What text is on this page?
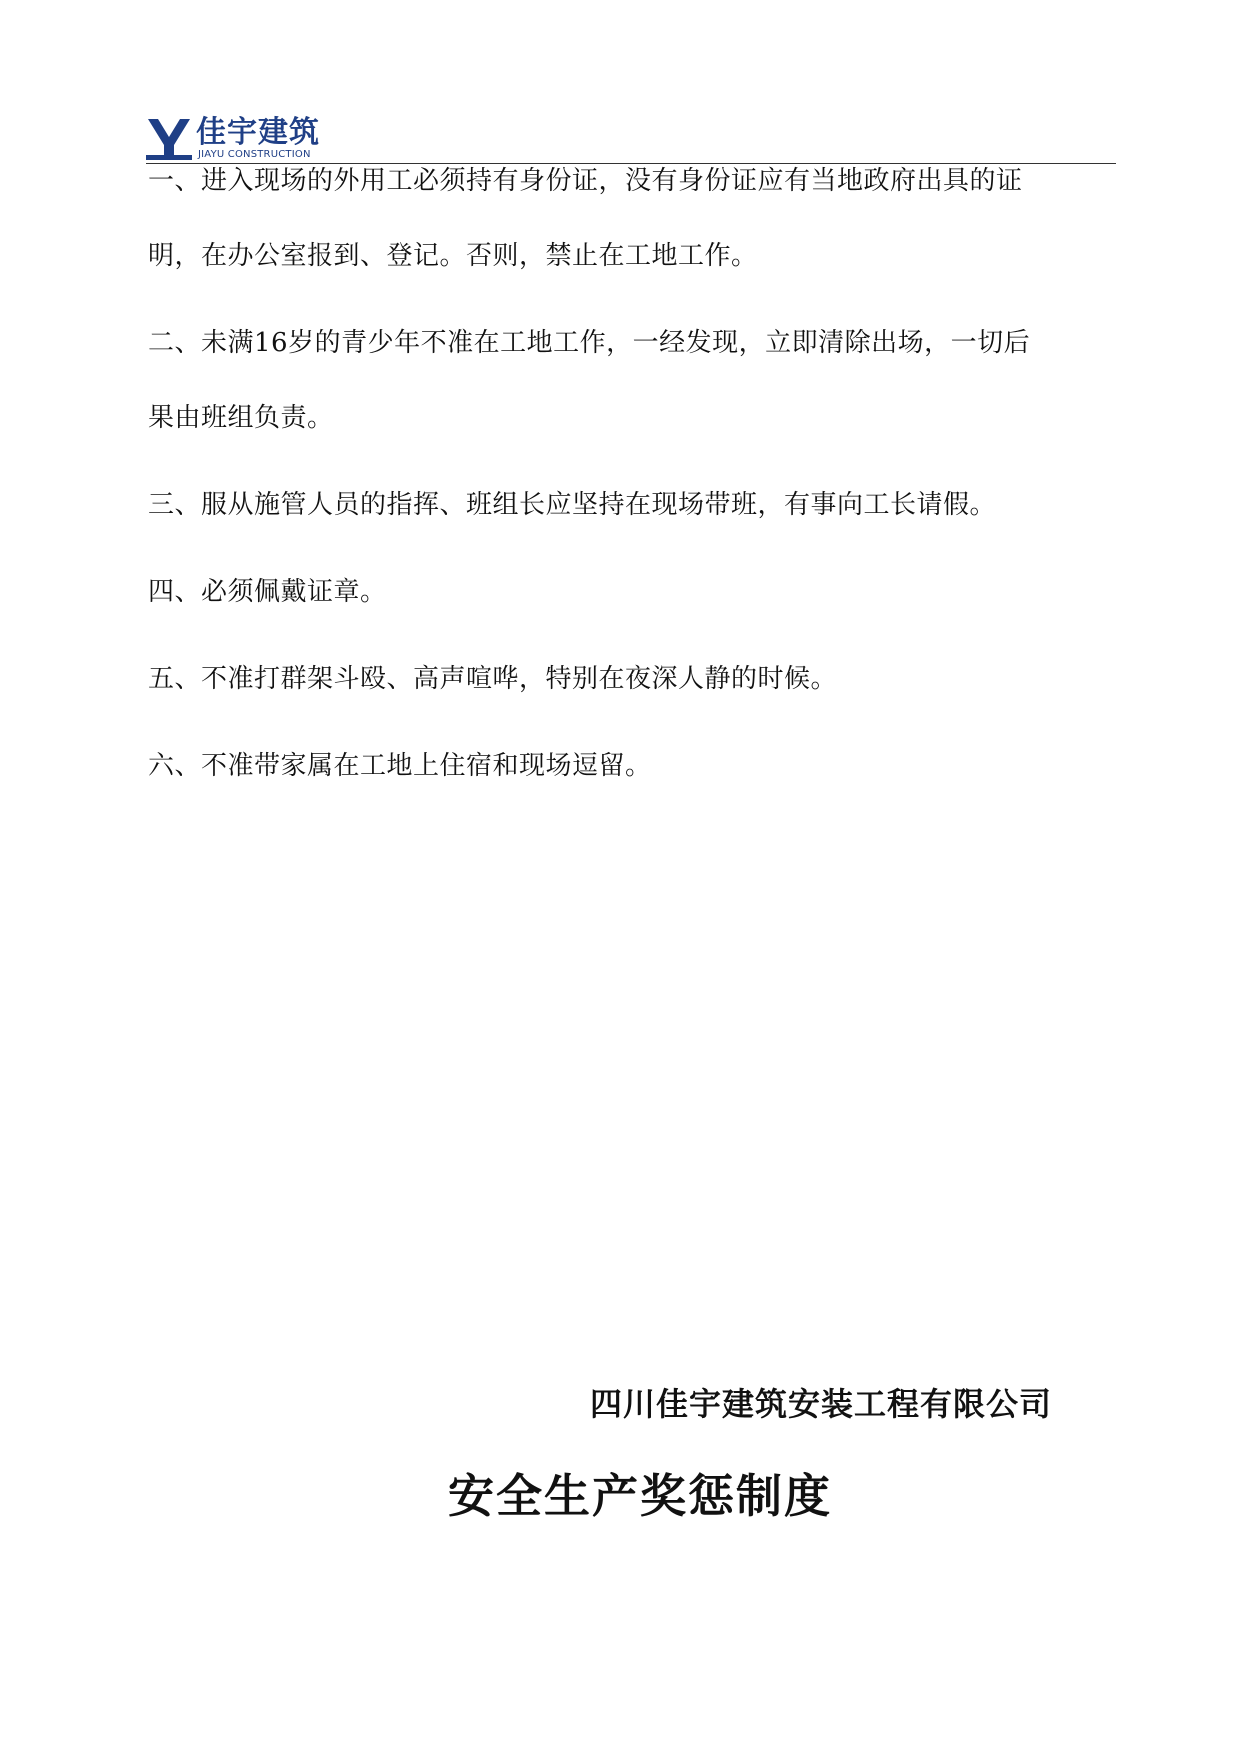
佳宇建筑
JIAYU CONSTRUCTION

一、进入现场的外用工必须持有身份证，没有身份证应有当地政府出具的证
明，在办公室报到、登记。否则，禁止在工地工作。

二、未满16岁的青少年不准在工地工作，一经发现，立即清除出场，一切后
果由班组负责。

三、服从施管人员的指挥、班组长应坚持在现场带班，有事向工长请假。

四、必须佩戴证章。

五、不准打群架斗殴、高声喧哗，特别在夜深人静的时候。

六、不准带家属在工地上住宿和现场逗留。

四川佳宇建筑安装工程有限公司
安全生产奖惩制度
